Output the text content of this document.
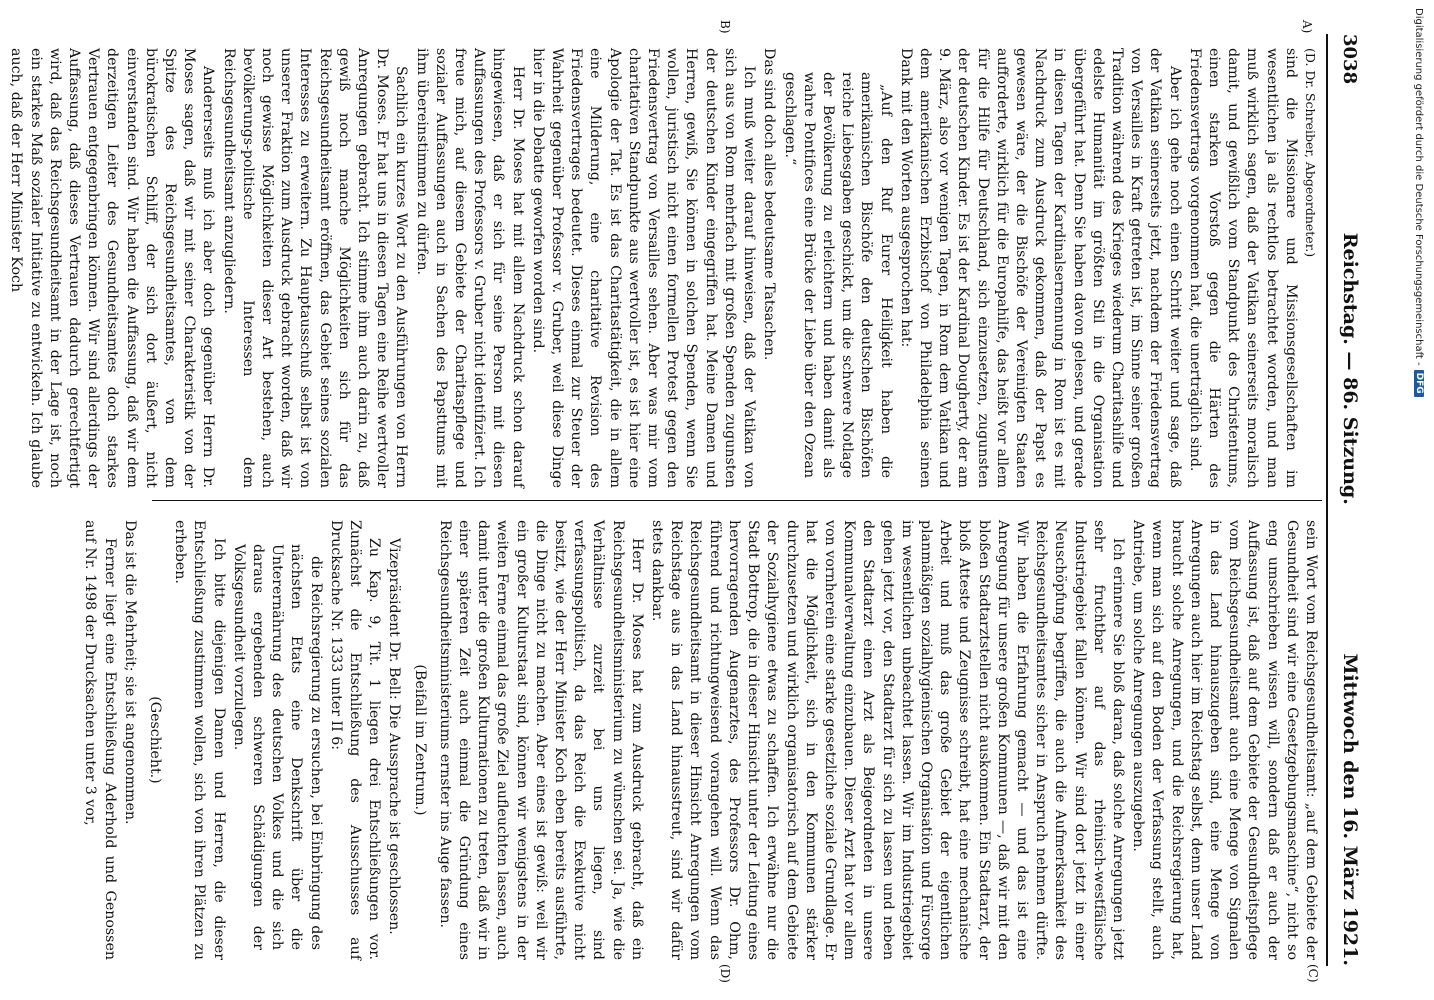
3038
Reichstag. — 86. Sitzung.
Mittwoch den 16. März 1921.
A)
B)
(C)
(D)

(D. Dr. Schreiber, Abgeordneter.)

sind die Missionare und Missionsgesellschaften im wesentlichen ja als rechtlos betrachtet worden, und man muß wirklich sagen, daß der Vatikan seinerseits moralisch damit, und gewißlich vom Standpunkt des Christentums, einen starken Vorstoß gegen die Härten des Friedensvertrags vorgenommen hat, die unerträglich sind.

Aber ich gehe noch einen Schritt weiter und sage, daß der Vatikan seinerseits jetzt, nachdem der Friedensvertrag von Versailles in Kraft getreten ist, im Sinne seiner großen Tradition während des Krieges wiederum Charitashilfe und edelste Humanität im größten Stil in die Organisation übergeführt hat. Denn Sie haben davon gelesen, und gerade in diesen Tagen der Kardinalsernennung in Rom ist es mit Nachdruck zum Ausdruck gekommen, daß der Papst es gewesen wäre, der die Bischöfe der Vereinigten Staaten aufforderte, wirklich für die Europahilfe, das heißt vor allem für die Hilfe für Deutschland, sich einzusetzen, zugunsten der deutschen Kinder. Es ist der Kardinal Dougherty, der am 9. März, also vor wenigen Tagen, in Rom dem Vatikan und dem amerikanischen Erzbischof von Philadelphia seinen Dank mit den Worten ausgesprochen hat:

„Auf den Ruf Eurer Heiligkeit haben die amerikanischen Bischöfe den deutschen Bischöfen reiche Liebesgaben geschickt, um die schwere Notlage der Bevölkerung zu erleichtern und haben damit als wahre Pontifices eine Brücke der Liebe über den Ozean geschlagen.“

Das sind doch alles bedeutsame Tatsachen.

Ich muß weiter darauf hinweisen, daß der Vatikan von sich aus von Rom mehrfach mit großen Spenden zugunsten der deutschen Kinder eingegriffen hat. Meine Damen und Herren, gewiß, Sie können in solchen Spenden, wenn Sie wollen, juristisch nicht einen formellen Protest gegen den Friedensvertrag von Versailles sehen. Aber was mir vom charitativen Standpunkte aus wertvoller ist, es ist hier eine Apologie der Tat. Es ist das Charitastätigkeit, die in allem eine Milderung, eine charitative Revision des Friedensvertrages bedeutet. Dieses einmal zur Steuer der Wahrheit gegenüber Professor v. Gruber, weil diese Dinge hier in die Debatte geworfen worden sind.

Herr Dr. Moses hat mit allem Nachdruck schon darauf hingewiesen, daß er sich für seine Person mit diesen Auffassungen des Professors v. Gruber nicht identifiziert. Ich freue mich, auf diesem Gebiete der Charitaspflege und sozialer Auffassungen auch in Sachen des Papsttums mit ihm übereinstimmen zu dürfen.

Sachlich ein kurzes Wort zu den Ausführungen von Herrn Dr. Moses. Er hat uns in diesen Tagen eine Reihe wertvoller Anregungen gebracht. Ich stimme ihm auch darin zu, daß gewiß noch manche Möglichkeiten sich für das Reichsgesundheitsamt eröffnen, das Gebiet seines sozialen Interesses zu erweitern. Zu Hauptausschuß selbst ist von unserer Fraktion zum Ausdruck gebracht worden, daß wir noch gewisse Möglichkeiten dieser Art bestehen, auch bevölkerungs-politische Interessen dem Reichsgesundheitsamt anzugliedern.

Andererseits muß ich aber doch gegenüber Herrn Dr. Moses sagen, daß wir mit seiner Charakteristik von der Spitze des Reichsgesundheitsamtes, von dem bürokratischen Schliff, der sich dort äußert, nicht einverstanden sind. Wir haben die Auffassung, daß wir dem derzeitigen Leiter des Gesundheitsamtes doch starkes Vertrauen entgegenbringen können. Wir sind allerdings der Auffassung, daß dieses Vertrauen dadurch gerechtfertigt wird, daß das Reichsgesundheitsamt in der Lage ist, noch ein starkes Maß sozialer Initiative zu entwickeln. Ich glaube auch, daß der Herr Minister Koch

sein Wort vom Reichsgesundheitsamt: „auf dem Gebiete der Gesundheit sind wir eine Gesetzgebungsmaschine“, nicht so eng umschrieben wissen will, sondern daß er auch der Auffassung ist, daß auf dem Gebiete der Gesundheitspflege vom Reichsgesundheitsamt auch eine Menge von Signalen in das Land hinauszugeben sind, eine Menge von Anregungen auch hier im Reichstag selbst, denn unser Land braucht solche Anregungen, und die Reichsregierung hat, wenn man sich auf den Boden der Verfassung stellt, auch Antriebe, um solche Anregungen auszugeben.

Ich erinnere Sie bloß daran, daß solche Anregungen jetzt sehr fruchtbar auf das rheinisch-westfälische Industriegebiet fallen können. Wir sind dort jetzt in einer Neuschöpfung begriffen, die auch die Aufmerksamkeit des Reichsgesundheitsamtes sicher in Anspruch nehmen dürfte. Wir haben die Erfahrung gemacht — und das ist eine Anregung für unsere großen Kommunen —, daß wir mit den bloßen Stadtarztstellen nicht auskommen. Ein Stadtarzt, der bloß Atteste und Zeugnisse schreibt, hat eine mechanische Arbeit und muß das große Gebiet der eigentlichen planmäßigen sozialhygienischen Organisation und Fürsorge im wesentlichen unbeachtet lassen. Wir im Industriegebiet gehen jetzt vor, den Stadtarzt für sich zu lassen und neben den Stadtarzt einen Arzt als Beigeordneten in unsere Kommunalverwaltung einzubauen. Dieser Arzt hat vor allem von vornherein eine starke gesetzliche soziale Grundlage. Er hat die Möglichkeit, sich in den Kommunen stärker durchzusetzen und wirklich organisatorisch auf dem Gebiete der Sozialhygiene etwas zu schaffen. Ich erwähne nur die Stadt Bottrop, die in dieser Hinsicht unter der Leitung eines hervorragenden Augenarztes, des Professors Dr. Ohm, führend und richtungweisend vorangehen will. Wenn das Reichsgesundheitsamt in dieser Hinsicht Anregungen vom Reichstage aus in das Land hinausstreut, sind wir dafür stets dankbar.

Herr Dr. Moses hat zum Ausdruck gebracht, daß ein Reichsgesundheitsministerium zu wünschen sei. Ja, wie die Verhältnisse zurzeit bei uns liegen, sind verfassungspolitisch, da das Reich die Exekutive nicht besitzt, wie der Herr Minister Koch eben bereits ausführte, die Dinge nicht zu machen. Aber eines ist gewiß: weil wir ein großer Kulturstaat sind, können wir wenigstens in der weiten Ferne einmal das große Ziel aufleuchten lassen, auch damit unter die großen Kulturnationen zu treten, daß wir in einer späteren Zeit auch einmal die Gründung eines Reichsgesundheitsministeriums ernster ins Auge fassen.

(Beifall im Zentrum.)

Vizepräsident Dr. Bell: Die Aussprache ist geschlossen.

Zu Kap. 9, Tit. 1 liegen drei Entschließungen vor. Zunächst die Entschließung des Ausschusses auf Drucksache Nr. 1333 unter II 6:

die Reichsregierung zu ersuchen, bei Einbringung des nächsten Etats eine Denkschrift über die Unterernährung des deutschen Volkes und die sich daraus ergebenden schweren Schädigungen der Volksgesundheit vorzulegen.

Ich bitte diejenigen Damen und Herren, die dieser Entschließung zustimmen wollen, sich von ihren Plätzen zu erheben.

(Geschieht.)

Das ist die Mehrheit; sie ist angenommen.

Ferner liegt eine Entschließung Aderhold und Genossen auf Nr. 1498 der Drucksachen unter 3 vor,

Digitalisierung gefördert durch die Deutsche Forschungsgemeinschaft -
DFG
